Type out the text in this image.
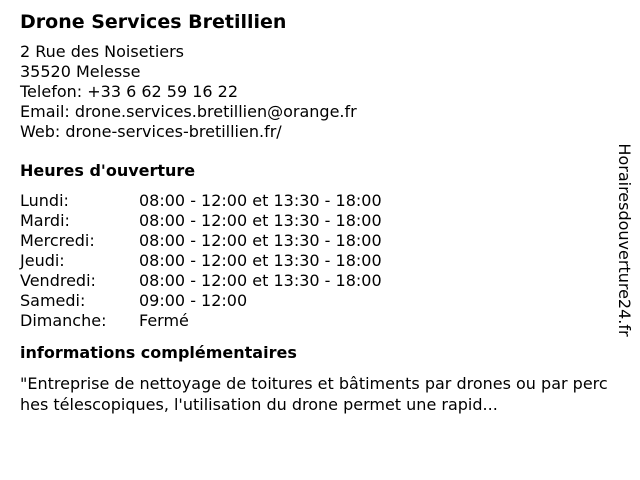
Drone Services Bretillien
2 Rue des Noisetiers
35520 Melesse
Telefon: +33 6 62 59 16 22
Email: drone.services.bretillien@orange.fr
Web: drone-services-bretillien.fr/
Heures d'ouverture
Lundi:	08:00 - 12:00 et 13:30 - 18:00
Mardi:	08:00 - 12:00 et 13:30 - 18:00
Mercredi:	08:00 - 12:00 et 13:30 - 18:00
Jeudi:	08:00 - 12:00 et 13:30 - 18:00
Vendredi:	08:00 - 12:00 et 13:30 - 18:00
Samedi:	09:00 - 12:00
Dimanche:	Fermé
informations complémentaires
"Entreprise de nettoyage de toitures et bâtiments par drones ou par perches télescopiques, l'utilisation du drone permet une rapid...
Horairesdouverture24.fr
